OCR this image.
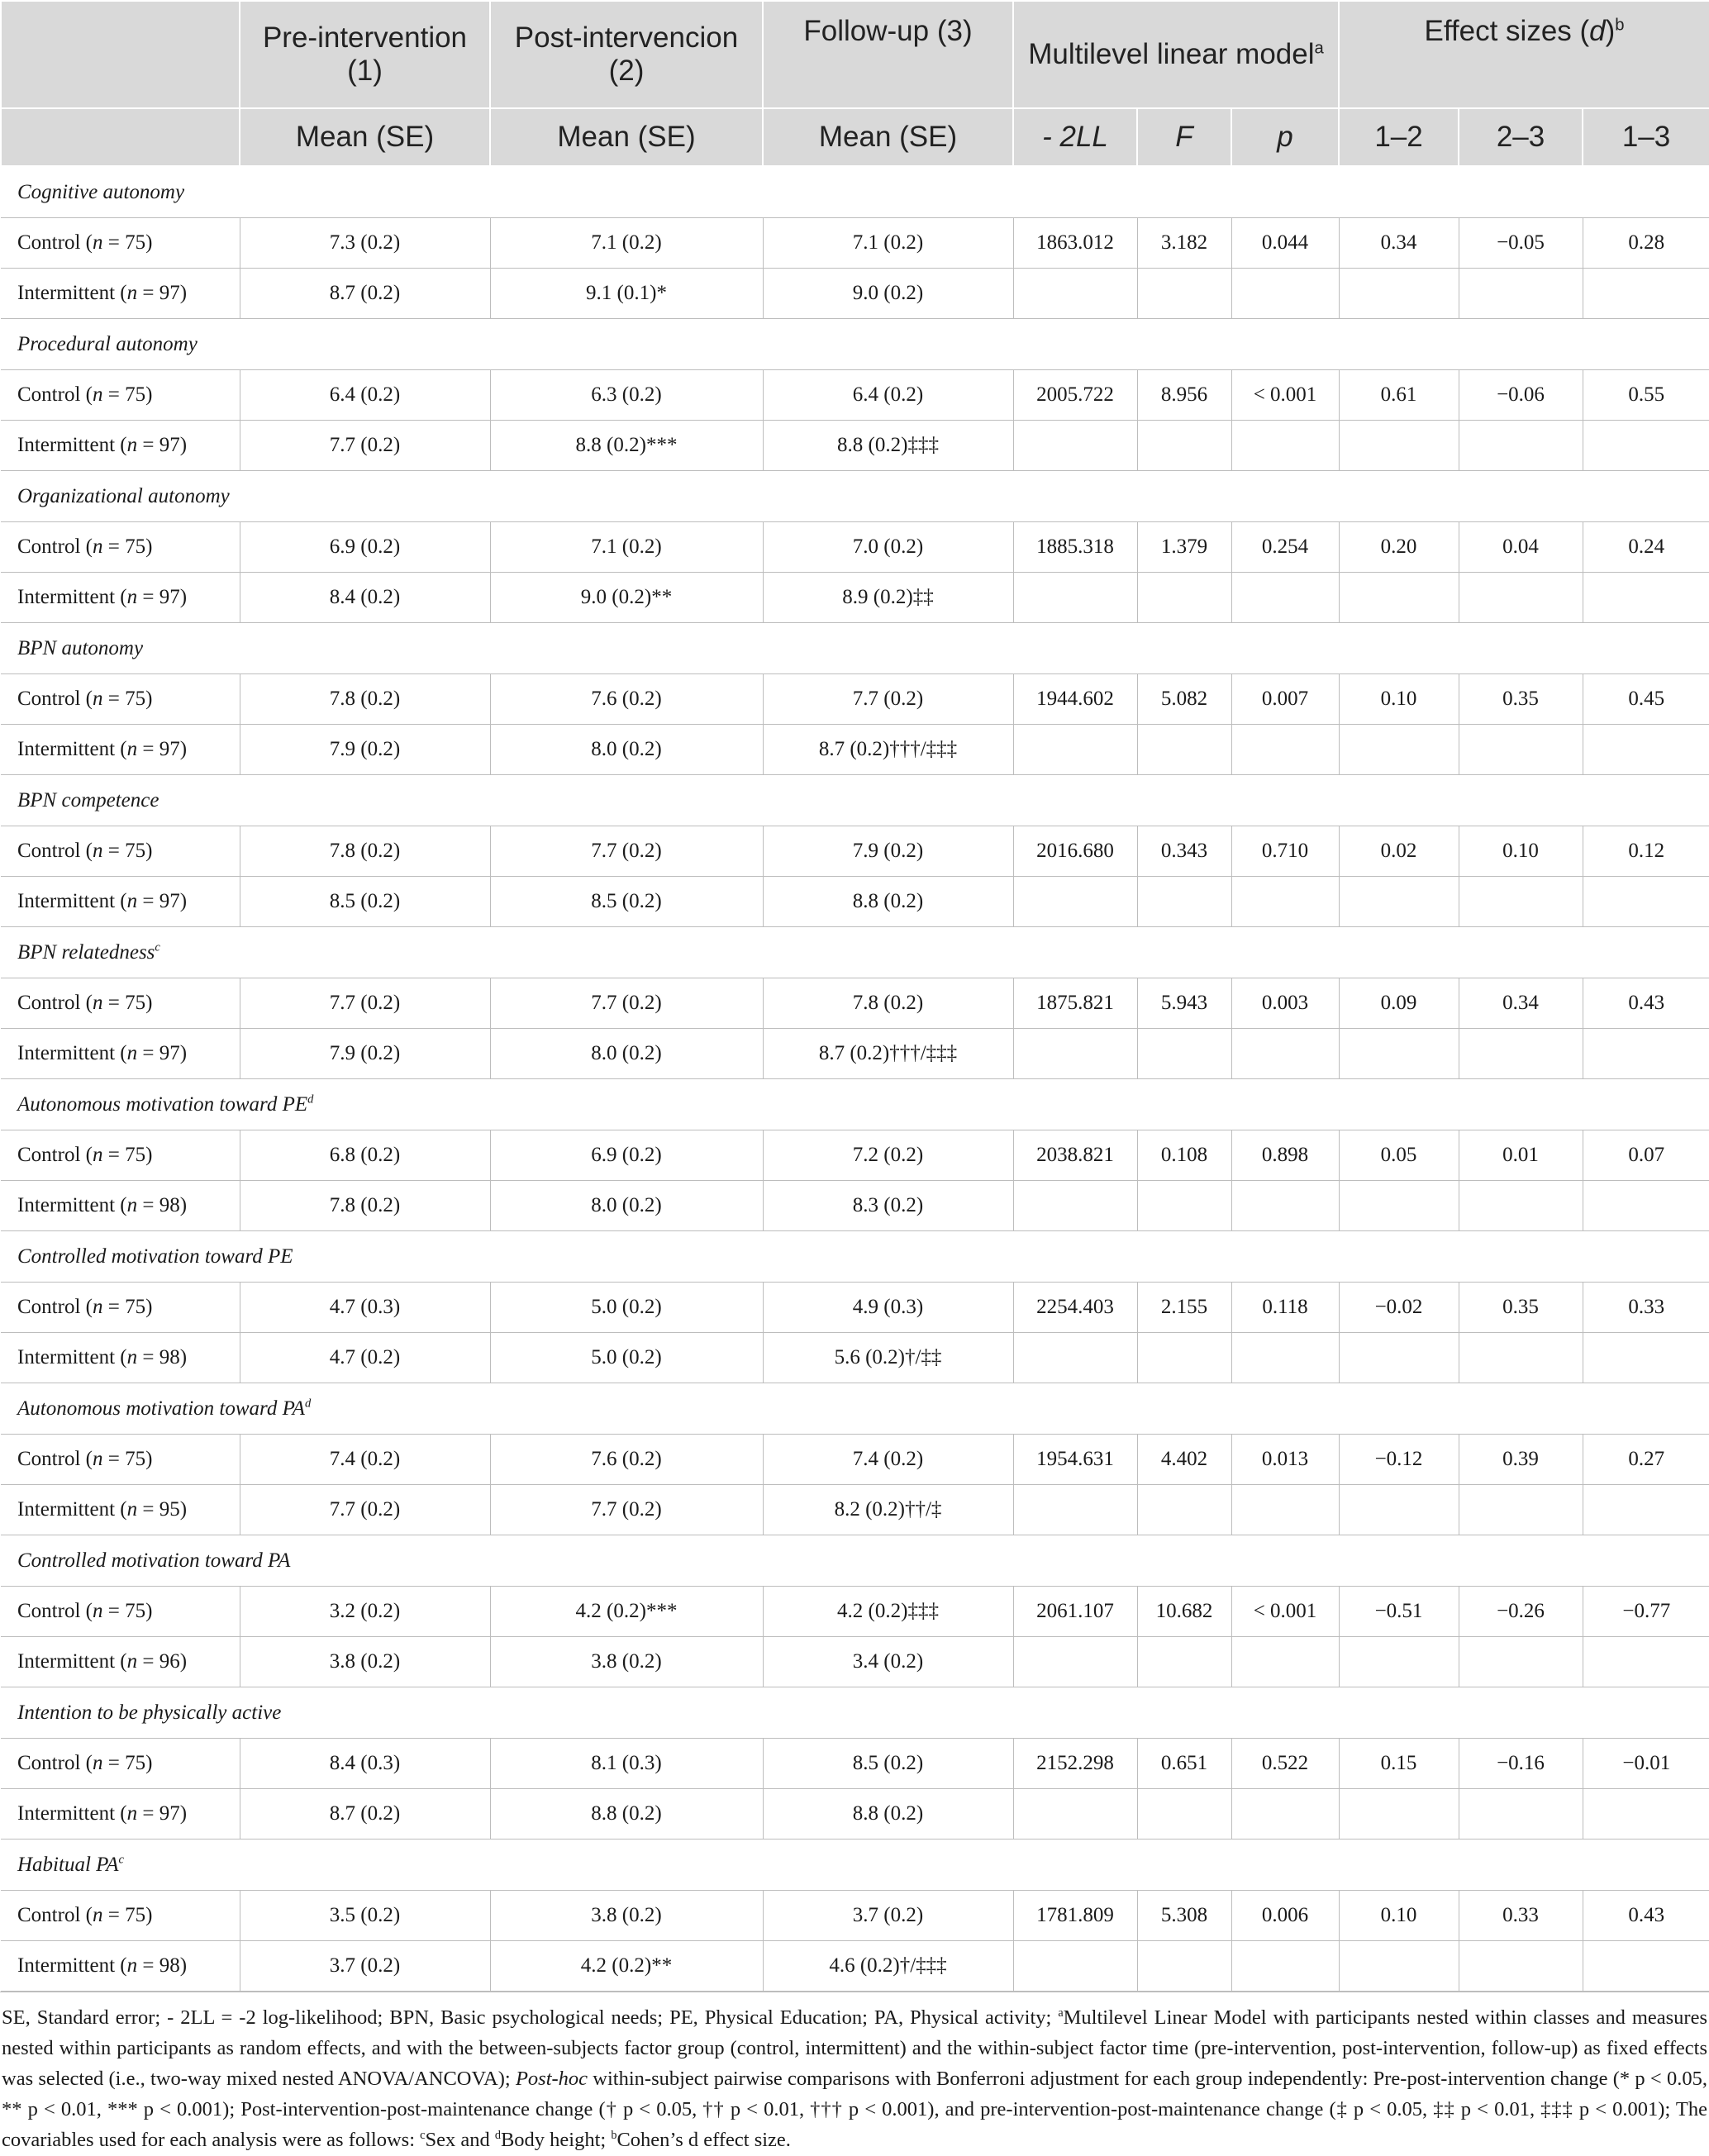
	Pre-intervention (1)	Post-intervencion (2)	Follow-up (3)	Multilevel linear model$^a$			Effect sizes $(d)^b$
	Mean (SE)	Mean (SE)	Mean (SE)	- 2LL	F	p	1–2	2–3	1–3
Cognitive autonomy									
Control (n = 75)	7.3 (0.2)	7.1 (0.2)	7.1 (0.2)	1863.012	3.182	0.044	0.34	−0.05	0.28
Intermittent (n = 97)	8.7 (0.2)	9.1 (0.1)*	9.0 (0.2)						
Procedural autonomy									
Control (n = 75)	6.4 (0.2)	6.3 (0.2)	6.4 (0.2)	2005.722	8.956	< 0.001	0.61	−0.06	0.55
Intermittent (n = 97)	7.7 (0.2)	8.8 (0.2)***	8.8 (0.2)‡‡‡						
Organizational autonomy									
Control (n = 75)	6.9 (0.2)	7.1 (0.2)	7.0 (0.2)	1885.318	1.379	0.254	0.20	0.04	0.24
Intermittent (n = 97)	8.4 (0.2)	9.0 (0.2)**	8.9 (0.2)‡‡						
BPN autonomy									
Control (n = 75)	7.8 (0.2)	7.6 (0.2)	7.7 (0.2)	1944.602	5.082	0.007	0.10	0.35	0.45
Intermittent (n = 97)	7.9 (0.2)	8.0 (0.2)	8.7 (0.2)†††/‡‡‡						
BPN competence									
Control (n = 75)	7.8 (0.2)	7.7 (0.2)	7.9 (0.2)	2016.680	0.343	0.710	0.02	0.10	0.12
Intermittent (n = 97)	8.5 (0.2)	8.5 (0.2)	8.8 (0.2)						
BPN relatedness$^c$
Control (n = 75)	7.7 (0.2)	7.7 (0.2)	7.8 (0.2)	1875.821	5.943	0.003	0.09	0.34	0.43
Intermittent (n = 97)	7.9 (0.2)	8.0 (0.2)	8.7 (0.2)†††/‡‡‡						
Autonomous motivation toward $PE^d$
Control (n = 75)	6.8 (0.2)	6.9 (0.2)	7.2 (0.2)	2038.821	0.108	0.898	0.05	0.01	0.07
Intermittent (n = 98)	7.8 (0.2)	8.0 (0.2)	8.3 (0.2)						
Controlled motivation toward PE									
Control (n = 75)	4.7 (0.3)	5.0 (0.2)	4.9 (0.3)	2254.403	2.155	0.118	−0.02	0.35	0.33
Intermittent (n = 98)	4.7 (0.2)	5.0 (0.2)	5.6 (0.2)†/‡‡						
Autonomous motivation toward $PA^d$
Control (n = 75)	7.4 (0.2)	7.6 (0.2)	7.4 (0.2)	1954.631	4.402	0.013	−0.12	0.39	0.27
Intermittent (n = 95)	7.7 (0.2)	7.7 (0.2)	8.2 (0.2)††/‡						
Controlled motivation toward PA									
Control (n = 75)	3.2 (0.2)	4.2 (0.2)***	4.2 (0.2)‡‡‡	2061.107	10.682	< 0.001	−0.51	−0.26	−0.77
Intermittent (n = 96)	3.8 (0.2)	3.8 (0.2)	3.4 (0.2)						
Intention to be physically active									
Control (n = 75)	8.4 (0.3)	8.1 (0.3)	8.5 (0.2)	2152.298	0.651	0.522	0.15	−0.16	−0.01
Intermittent (n = 97)	8.7 (0.2)	8.8 (0.2)	8.8 (0.2)						
Habitual $PA^c$
Control (n = 75)	3.5 (0.2)	3.8 (0.2)	3.7 (0.2)	1781.809	5.308	0.006	0.10	0.33	0.43
Intermittent (n = 98)	3.7 (0.2)	4.2 (0.2)**	4.6 (0.2)†/‡‡‡						
SE, Standard error; - 2LL = -2 log-likelihood; BPN, Basic psychological needs; PE, Physical Education; PA, Physical activity; $^a$Multilevel Linear Model with participants nested within classes and measures nested within participants as random effects, and with the between-subjects factor group (control, intermittent) and the within-subject factor time (pre-intervention, post-intervention, follow-up) as fixed effects was selected (i.e., two-way mixed nested ANOVA/ANCOVA); Post-hoc within-subject pairwise comparisons with Bonferroni adjustment for each group independently: Pre-post-intervention change (* p < 0.05, ** p < 0.01, *** p < 0.001); Post-intervention-post-maintenance change († p < 0.05, †† p < 0.01, ††† p < 0.001), and pre-intervention-post-maintenance change (‡ p < 0.05, ‡‡ p < 0.01, ‡‡‡ p < 0.001); The covariables used for each analysis were as follows: $^c$Sex and $^d$Body height; $^b$Cohen’s d effect size.
